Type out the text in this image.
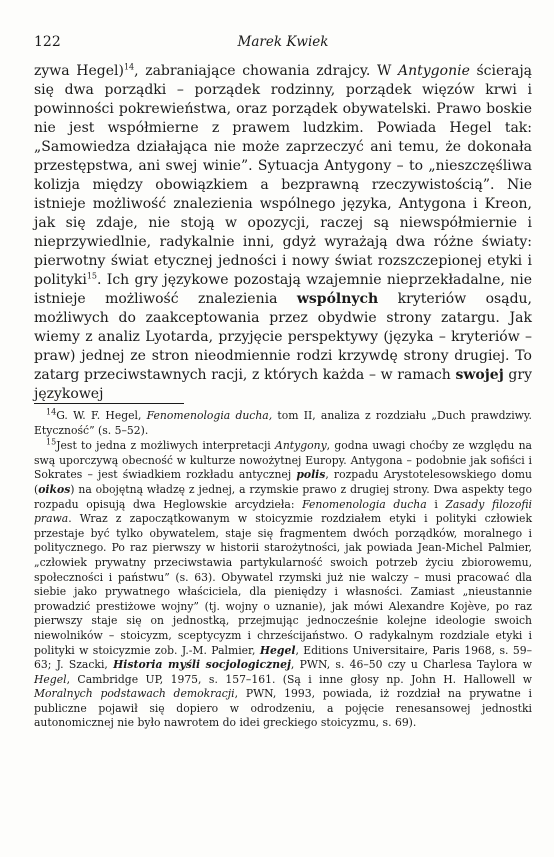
122	Marek Kwiek

zywa Hegel)$^{14}$, zabraniające chowania zdrajcy. W Antygonie ścierają się dwa porządki – porządek rodzinny, porządek więzów krwi i powinności pokrewieństwa, oraz porządek obywatelski. Prawo boskie nie jest współmierne z prawem ludzkim. Powiada Hegel tak: „Samowiedza działająca nie może zaprzeczyć ani temu, że dokonała przestępstwa, ani swej winie”. Sytuacja Antygony – to „nieszczęśliwa kolizja między obowiązkiem a bezprawną rzeczywistością”. Nie istnieje możliwość znalezienia wspólnego języka, Antygona i Kreon, jak się zdaje, nie stoją w opozycji, raczej są niewspółmiernie i nieprzywiedlnie, radykalnie inni, gdyż wyrażają dwa różne światy: pierwotny świat etycznej jedności i nowy świat rozszczepionej etyki i polityki$^{15}$. Ich gry językowe pozostają wzajemnie nieprzekładalne, nie istnieje możliwość znalezienia wspólnych kryteriów osądu, możliwych do zaakceptowania przez obydwie strony zatargu. Jak wiemy z analiz Lyotarda, przyjęcie perspektywy (języka – kryteriów – praw) jednej ze stron nieodmiennie rodzi krzywdę strony drugiej. To zatarg przeciwstawnych racji, z których każda – w ramach swojej gry językowej

$^{14}$G. W. F. Hegel, Fenomenologia ducha, tom II, analiza z rozdziału „Duch prawdziwy. Etyczność” (s. 5–52).

$^{15}$Jest to jedna z możliwych interpretacji Antygony, godna uwagi choćby ze względu na swą uporczywą obecność w kulturze nowożytnej Europy. Antygona – podobnie jak sofiści i Sokrates – jest świadkiem rozkładu antycznej polis, rozpadu Arystotelesowskiego domu (oikos) na obojętną władzę z jednej, a rzymskie prawo z drugiej strony. Dwa aspekty tego rozpadu opisują dwa Heglowskie arcydzieła: Fenomenologia ducha i Zasady filozofii prawa. Wraz z zapoczątkowanym w stoicyzmie rozdziałem etyki i polityki człowiek przestaje być tylko obywatelem, staje się fragmentem dwóch porządków, moralnego i politycznego. Po raz pierwszy w historii starożytności, jak powiada Jean-Michel Palmier, „człowiek prywatny przeciwstawia partykularność swoich potrzeb życiu zbiorowemu, społeczności i państwu” (s. 63). Obywatel rzymski już nie walczy – musi pracować dla siebie jako prywatnego właściciela, dla pieniędzy i własności. Zamiast „nieustannie prowadzić prestiżowe wojny” (tj. wojny o uznanie), jak mówi Alexandre Kojève, po raz pierwszy staje się on jednostką, przejmując jednocześnie kolejne ideologie swoich niewolników – stoicyzm, sceptycyzm i chrześcijaństwo. O radykalnym rozdziale etyki i polityki w stoicyzmie zob. J.-M. Palmier, Hegel, Editions Universitaire, Paris 1968, s. 59–63; J. Szacki, Historia myśli socjologicznej, PWN, s. 46–50 czy u Charlesa Taylora w Hegel, Cambridge UP, 1975, s. 157–161. (Są i inne głosy np. John H. Hallowell w Moralnych podstawach demokracji, PWN, 1993, powiada, iż rozdział na prywatne i publiczne pojawił się dopiero w odrodzeniu, a pojęcie renesansowej jednostki autonomicznej nie było nawrotem do idei greckiego stoicyzmu, s. 69).
